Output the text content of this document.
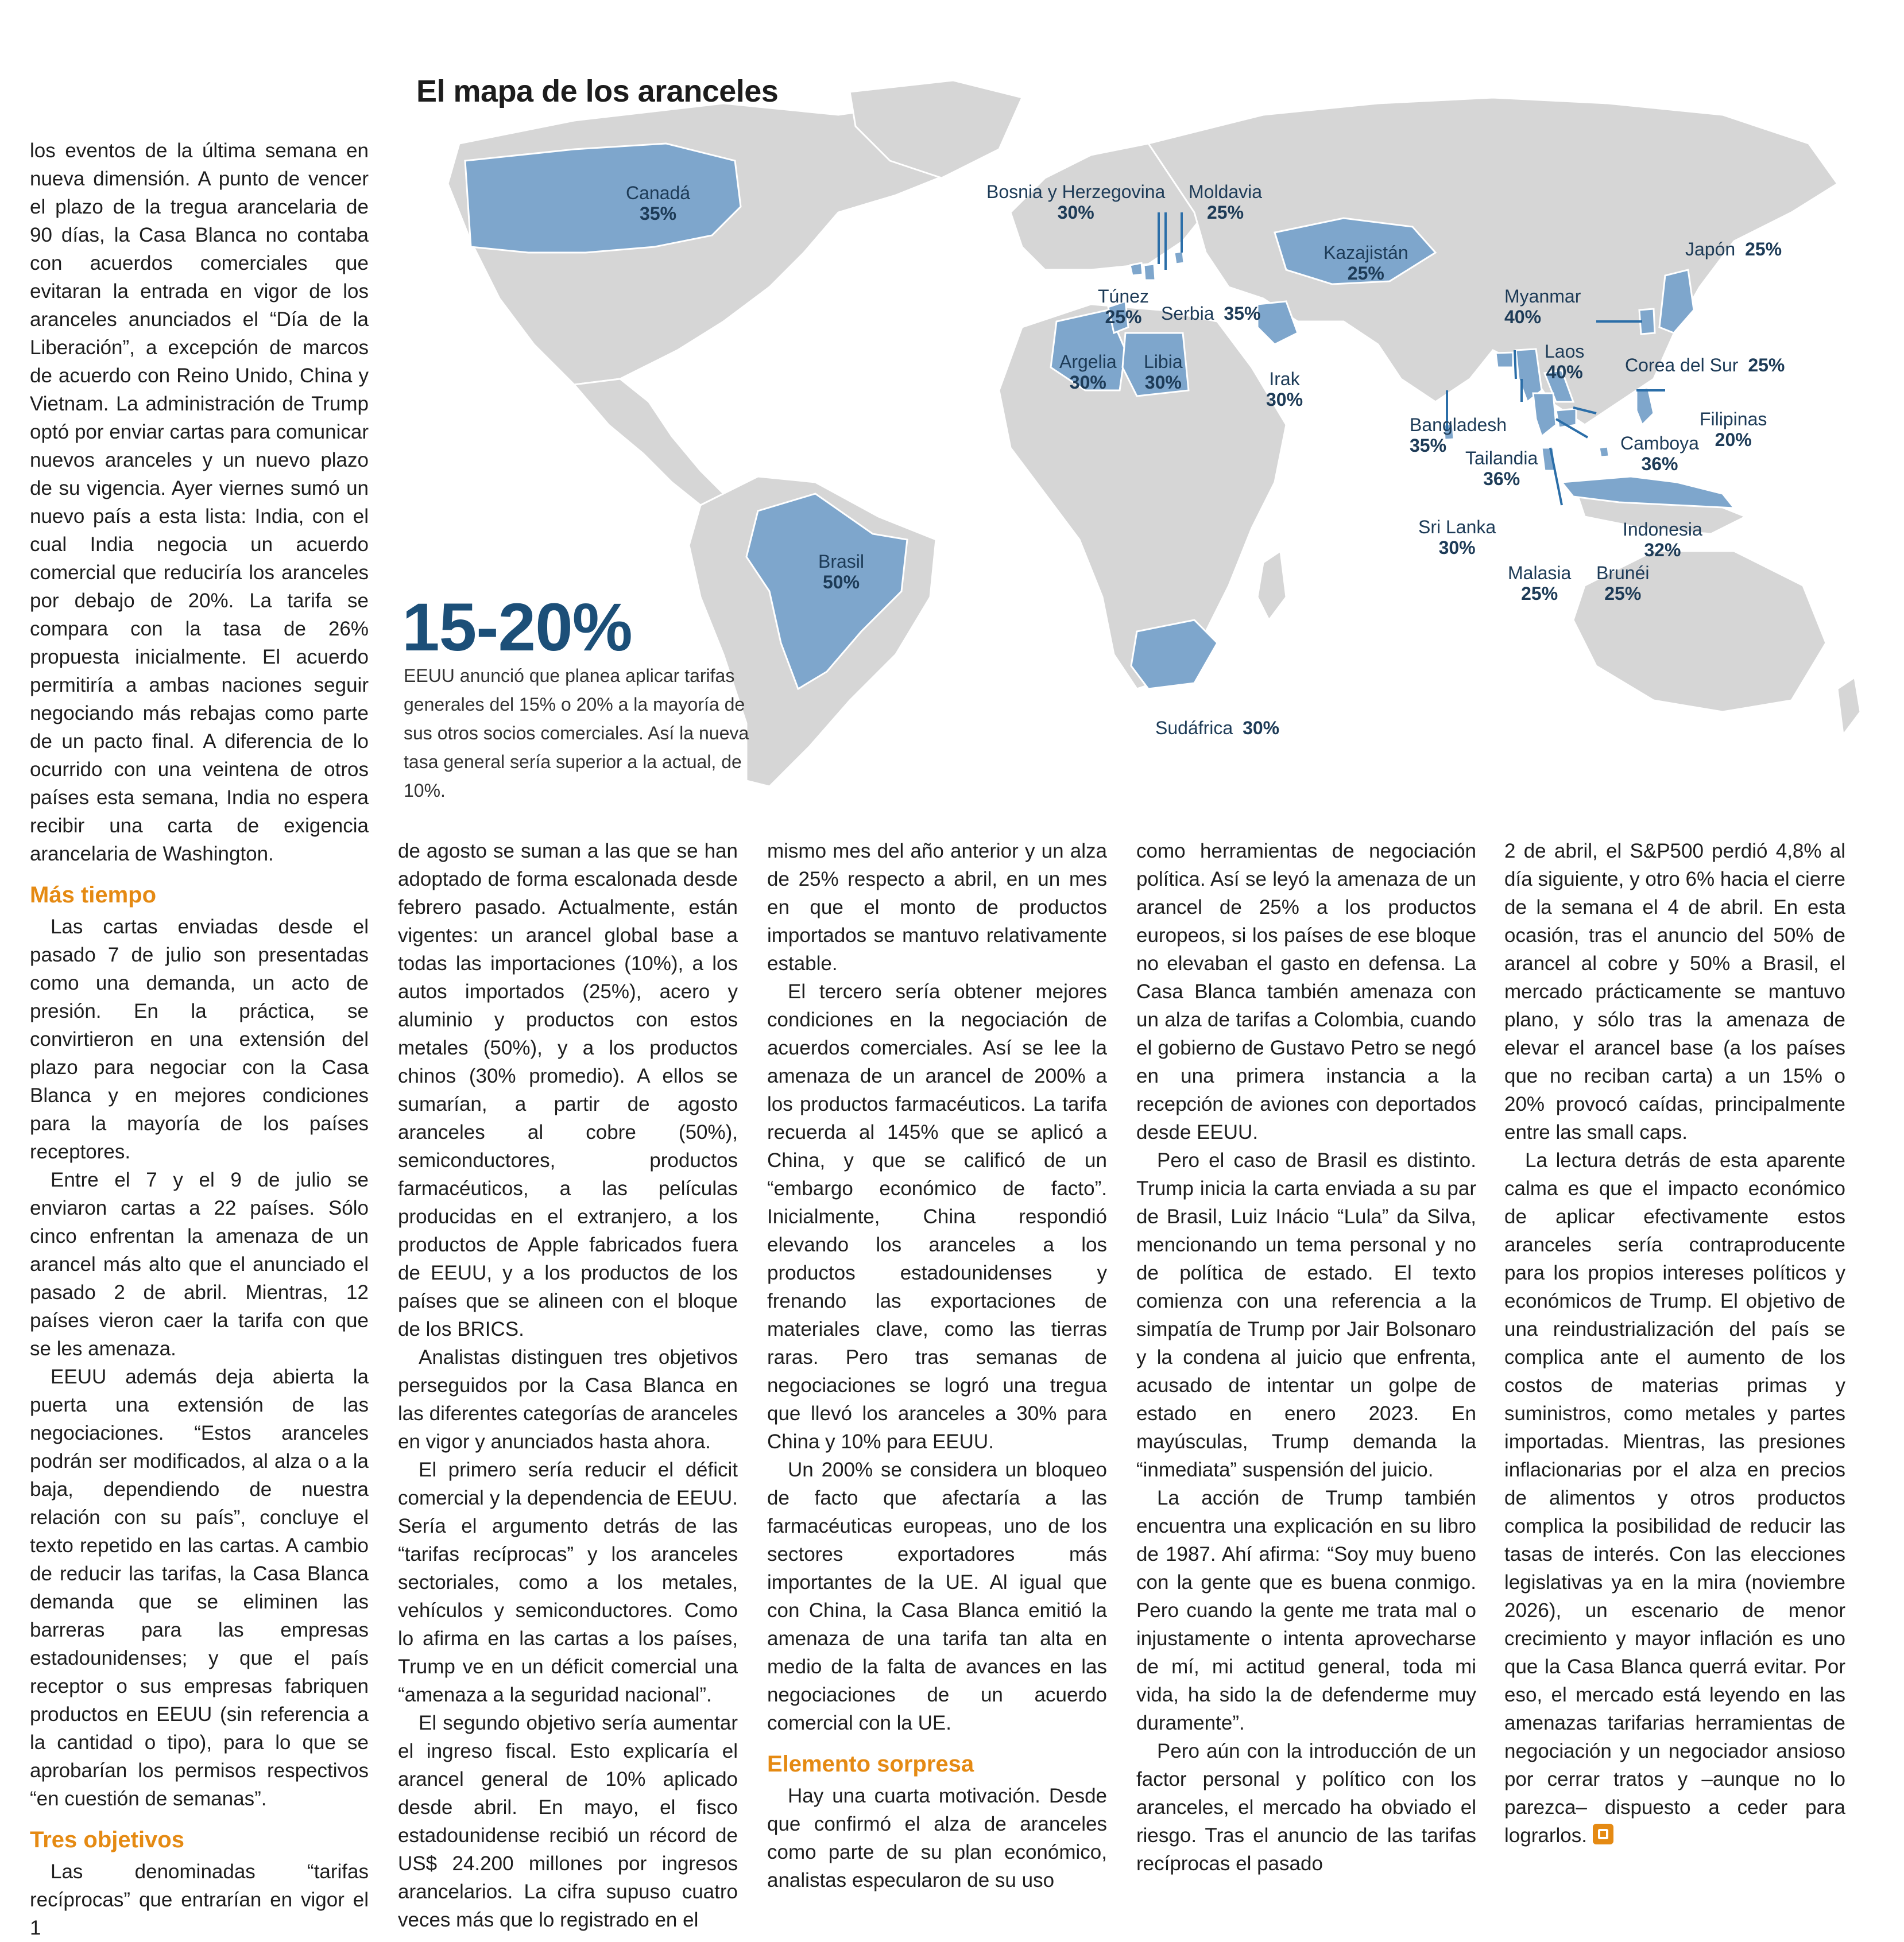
El mapa de los aranceles
Canadá
35%
Bosnia y Herzegovina
30%
Moldavia
25%
Kazajistán
25%
Japón 25%
Túnez
25%	Serbia 35%
Myanmar
40%
Argelia
30%
Libia
30%	Irak
30%
Laos
40% Corea del Sur 25%
Filipinas
20%
Bangladesh
35%	Camboya
36%
Tailandia
36%
Brasil
50%
Sri Lanka
30%
Indonesia
32%
Malasia
25%
Brunéi
25%
Sudáfrica 30%
15-20%
EEUU anunció que planea aplicar tarifas generales del 15% o 20% a la mayoría de sus otros socios comerciales. Así la nueva tasa general sería superior a la actual, de 10%.

los eventos de la última semana en nueva dimensión. A punto de vencer el plazo de la tregua arancelaria de 90 días, la Casa Blanca no contaba con acuerdos comerciales que evitaran la entrada en vigor de los aranceles anunciados el “Día de la Liberación”, a excepción de marcos de acuerdo con Reino Unido, China y Vietnam. La administración de Trump optó por enviar cartas para comunicar nuevos aranceles y un nuevo plazo de su vigencia. Ayer viernes sumó un nuevo país a esta lista: India, con el cual India negocia un acuerdo comercial que reduciría los aranceles por debajo de 20%. La tarifa se compara con la tasa de 26% propuesta inicialmente. El acuerdo permitiría a ambas naciones seguir negociando más rebajas como parte de un pacto final. A diferencia de lo ocurrido con una veintena de otros países esta semana, India no espera recibir una carta de exigencia arancelaria de Washington.

Más tiempo

Las cartas enviadas desde el pasado 7 de julio son presentadas como una demanda, un acto de presión. En la práctica, se convirtieron en una extensión del plazo para negociar con la Casa Blanca y en mejores condiciones para la mayoría de los países receptores.

Entre el 7 y el 9 de julio se enviaron cartas a 22 países. Sólo cinco enfrentan la amenaza de un arancel más alto que el anunciado el pasado 2 de abril. Mientras, 12 países vieron caer la tarifa con que se les amenaza.

EEUU además deja abierta la puerta una extensión de las negociaciones. “Estos aranceles podrán ser modificados, al alza o a la baja, dependiendo de nuestra relación con su país”, concluye el texto repetido en las cartas. A cambio de reducir las tarifas, la Casa Blanca demanda que se eliminen las barreras para las empresas estadounidenses; y que el país receptor o sus empresas fabriquen productos en EEUU (sin referencia a la cantidad o tipo), para lo que se aprobarían los permisos respectivos “en cuestión de semanas”.

Tres objetivos

Las denominadas “tarifas recíprocas” que entrarían en vigor el 1

de agosto se suman a las que se han adoptado de forma escalonada desde febrero pasado. Actualmente, están vigentes: un arancel global base a todas las importaciones (10%), a los autos importados (25%), acero y aluminio y productos con estos metales (50%), y a los productos chinos (30% promedio). A ellos se sumarían, a partir de agosto aranceles al cobre (50%), semiconductores, productos farmacéuticos, a las películas producidas en el extranjero, a los productos de Apple fabricados fuera de EEUU, y a los productos de los países que se alineen con el bloque de los BRICS.

Analistas distinguen tres objetivos perseguidos por la Casa Blanca en las diferentes categorías de aranceles en vigor y anunciados hasta ahora.

El primero sería reducir el déficit comercial y la dependencia de EEUU. Sería el argumento detrás de las “tarifas recíprocas” y los aranceles sectoriales, como a los metales, vehículos y semiconductores. Como lo afirma en las cartas a los países, Trump ve en un déficit comercial una “amenaza a la seguridad nacional”.

El segundo objetivo sería aumentar el ingreso fiscal. Esto explicaría el arancel general de 10% aplicado desde abril. En mayo, el fisco estadounidense recibió un récord de US$ 24.200 millones por ingresos arancelarios. La cifra supuso cuatro veces más que lo registrado en el

mismo mes del año anterior y un alza de 25% respecto a abril, en un mes en que el monto de productos importados se mantuvo relativamente estable.

El tercero sería obtener mejores condiciones en la negociación de acuerdos comerciales. Así se lee la amenaza de un arancel de 200% a los productos farmacéuticos. La tarifa recuerda al 145% que se aplicó a China, y que se calificó de un “embargo económico de facto”. Inicialmente, China respondió elevando los aranceles a los productos estadounidenses y frenando las exportaciones de materiales clave, como las tierras raras. Pero tras semanas de negociaciones se logró una tregua que llevó los aranceles a 30% para China y 10% para EEUU.

Un 200% se considera un bloqueo de facto que afectaría a las farmacéuticas europeas, uno de los sectores exportadores más importantes de la UE. Al igual que con China, la Casa Blanca emitió la amenaza de una tarifa tan alta en medio de la falta de avances en las negociaciones de un acuerdo comercial con la UE.

Elemento sorpresa

Hay una cuarta motivación. Desde que confirmó el alza de aranceles como parte de su plan económico, analistas especularon de su uso

como herramientas de negociación política. Así se leyó la amenaza de un arancel de 25% a los productos europeos, si los países de ese bloque no elevaban el gasto en defensa. La Casa Blanca también amenaza con un alza de tarifas a Colombia, cuando el gobierno de Gustavo Petro se negó en una primera instancia a la recepción de aviones con deportados desde EEUU.

Pero el caso de Brasil es distinto. Trump inicia la carta enviada a su par de Brasil, Luiz Inácio “Lula” da Silva, mencionando un tema personal y no de política de estado. El texto comienza con una referencia a la simpatía de Trump por Jair Bolsonaro y la condena al juicio que enfrenta, acusado de intentar un golpe de estado en enero 2023. En mayúsculas, Trump demanda la “inmediata” suspensión del juicio.

La acción de Trump también encuentra una explicación en su libro de 1987. Ahí afirma: “Soy muy bueno con la gente que es buena conmigo. Pero cuando la gente me trata mal o injustamente o intenta aprovecharse de mí, mi actitud general, toda mi vida, ha sido la de defenderme muy duramente”.

Pero aún con la introducción de un factor personal y político con los aranceles, el mercado ha obviado el riesgo. Tras el anuncio de las tarifas recíprocas el pasado

2 de abril, el S&P500 perdió 4,8% al día siguiente, y otro 6% hacia el cierre de la semana el 4 de abril. En esta ocasión, tras el anuncio del 50% de arancel al cobre y 50% a Brasil, el mercado prácticamente se mantuvo plano, y sólo tras la amenaza de elevar el arancel base (a los países que no reciban carta) a un 15% o 20% provocó caídas, principalmente entre las small caps.

La lectura detrás de esta aparente calma es que el impacto económico de aplicar efectivamente estos aranceles sería contraproducente para los propios intereses políticos y económicos de Trump. El objetivo de una reindustrialización del país se complica ante el aumento de los costos de materias primas y suministros, como metales y partes importadas. Mientras, las presiones inflacionarias por el alza en precios de alimentos y otros productos complica la posibilidad de reducir las tasas de interés. Con las elecciones legislativas ya en la mira (noviembre 2026), un escenario de menor crecimiento y mayor inflación es uno que la Casa Blanca querrá evitar. Por eso, el mercado está leyendo en las amenazas tarifarias herramientas de negociación y un negociador ansioso por cerrar tratos y –aunque no lo parezca– dispuesto a ceder para lograrlos.
